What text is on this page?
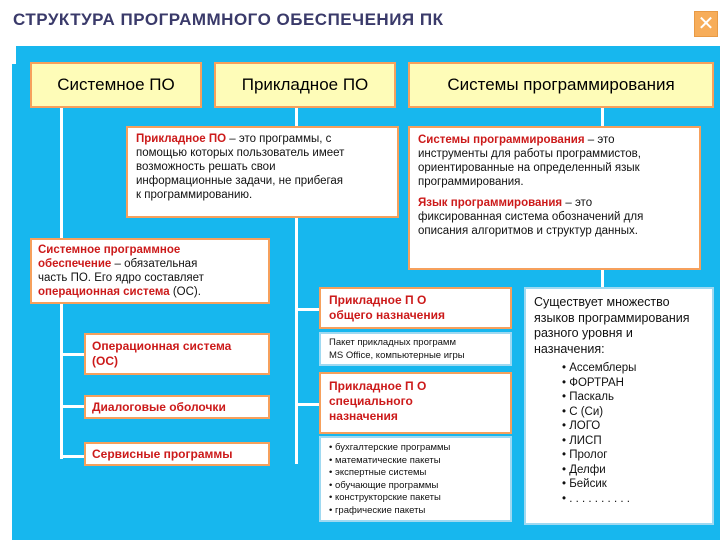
СТРУКТУРА ПРОГРАММНОГО ОБЕСПЕЧЕНИЯ ПК	✕
Системное ПО	Прикладное ПО	Системы программирования
Прикладное ПО – это программы, с
помощью которых пользователь имеет
возможность решать свои
информационные задачи, не прибегая
к программированию.
Системы программирования – это
инструменты для работы программистов,
ориентированные на определенный язык
программирования.
Язык программирования – это
фиксированная система обозначений для
описания алгоритмов и структур данных.
Системное программное
обеспечение – обязательная
часть ПО. Его ядро составляет
операционная система (ОС).
Операционная система
(ОС)
Диалоговые оболочки
Сервисные программы
Прикладное П О
общего назначения
Пакет прикладных программ
MS Office, компьютерные игры
Прикладное П О
специального
назначения
• бухгалтерские программы
• математические пакеты
• экспертные системы
• обучающие программы
• конструкторские пакеты
• графические пакеты
Существует множество
языков программирования
разного уровня и
назначения:
• Ассемблеры
• ФОРТРАН
• Паскаль
• С (Си)
• ЛОГО
• ЛИСП
• Пролог
• Делфи
• Бейсик
• . . . . . . . . . .
